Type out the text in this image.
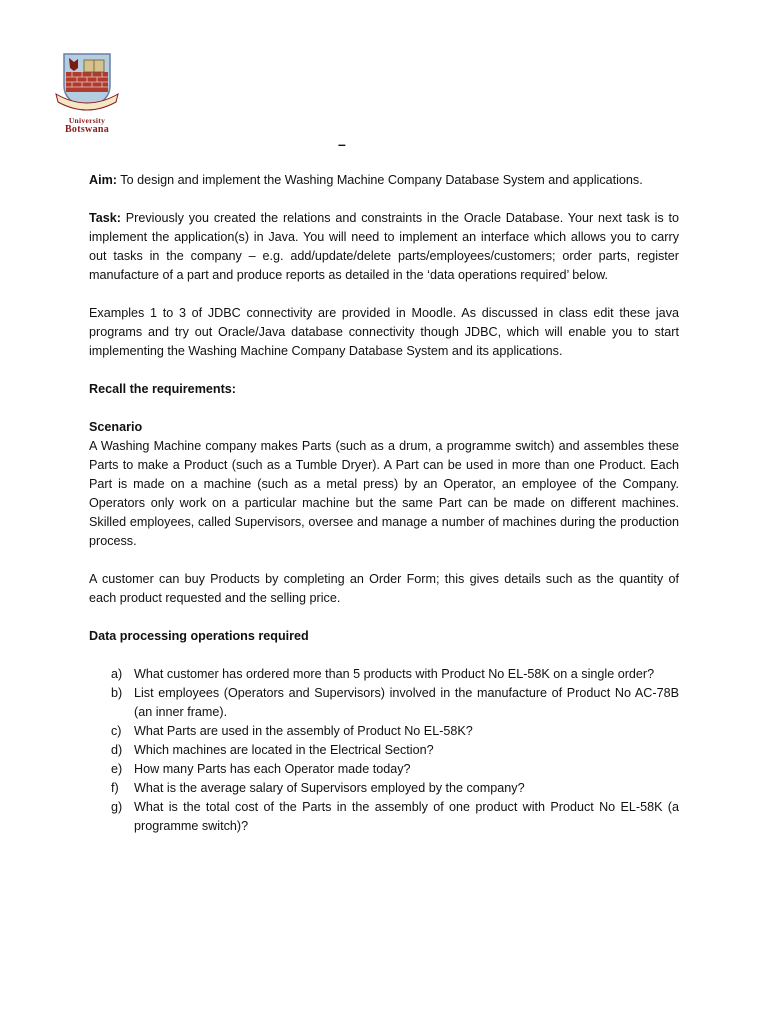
University
Botswana
–

Aim: To design and implement the Washing Machine Company Database System and applications.

Task: Previously you created the relations and constraints in the Oracle Database. Your next task is to implement the application(s) in Java. You will need to implement an interface which allows you to carry out tasks in the company – e.g. add/update/delete parts/employees/customers; order parts, register manufacture of a part and produce reports as detailed in the ‘data operations required’ below.

Examples 1 to 3 of JDBC connectivity are provided in Moodle. As discussed in class edit these java programs and try out Oracle/Java database connectivity though JDBC, which will enable you to start implementing the Washing Machine Company Database System and its applications.

Recall the requirements:

Scenario

A Washing Machine company makes Parts (such as a drum, a programme switch) and assembles these Parts to make a Product (such as a Tumble Dryer). A Part can be used in more than one Product. Each Part is made on a machine (such as a metal press) by an Operator, an employee of the Company. Operators only work on a particular machine but the same Part can be made on different machines. Skilled employees, called Supervisors, oversee and manage a number of machines during the production process.

A customer can buy Products by completing an Order Form; this gives details such as the quantity of each product requested and the selling price.

Data processing operations required

a) What customer has ordered more than 5 products with Product No EL-58K on a single order?
b) List employees (Operators and Supervisors) involved in the manufacture of Product No AC-78B (an inner frame).
c) What Parts are used in the assembly of Product No EL-58K?
d) Which machines are located in the Electrical Section?
e) How many Parts has each Operator made today?
f) What is the average salary of Supervisors employed by the company?
g) What is the total cost of the Parts in the assembly of one product with Product No EL-58K (a programme switch)?
